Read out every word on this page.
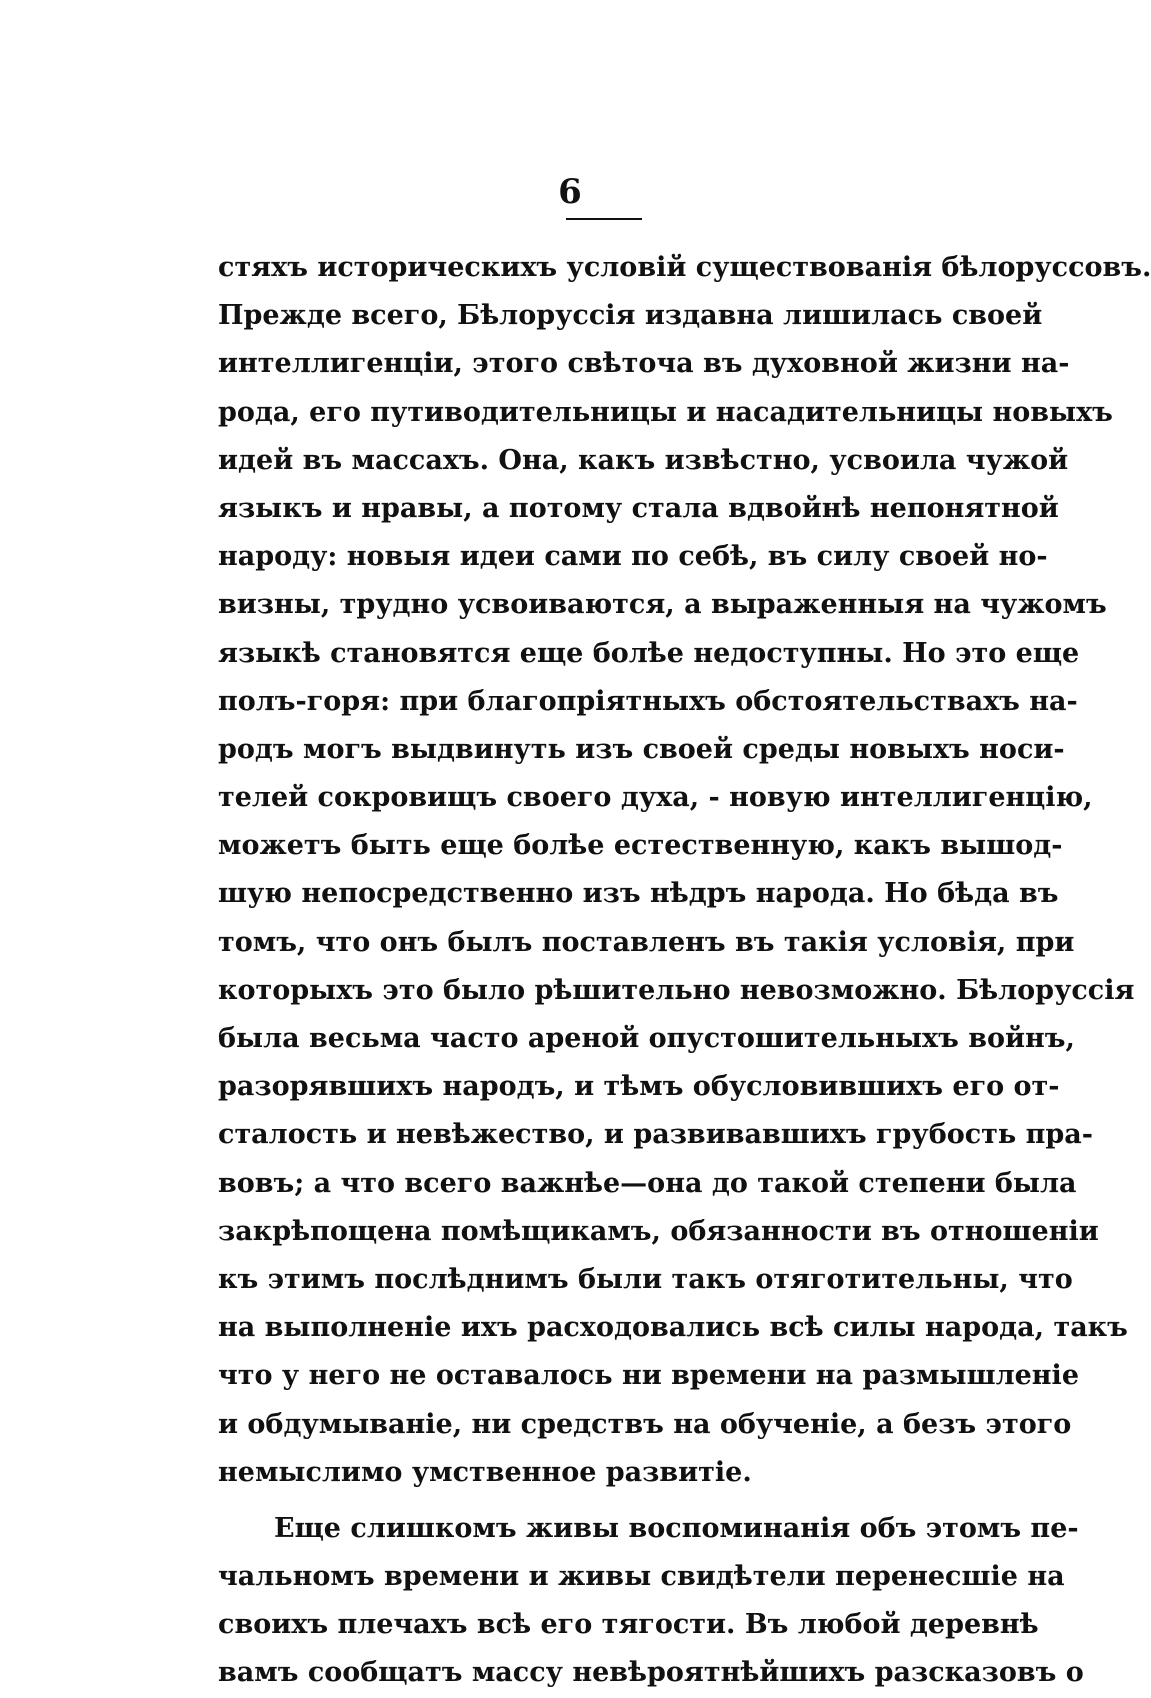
6
стяхъ историческихъ условій существованія бѣлоруссовъ.
Прежде всего, Бѣлоруссія издавна лишилась своей
интеллигенціи, этого свѣточа въ духовной жизни на-
рода, его путиводительницы и насадительницы новыхъ
идей въ массахъ. Она, какъ извѣстно, усвоила чужой
языкъ и нравы, а потому стала вдвойнѣ непонятной
народу: новыя идеи сами по себѣ, въ силу своей но-
визны, трудно усвоиваются, а выраженныя на чужомъ
языкѣ становятся еще болѣе недоступны. Но это еще
полъ-горя: при благопріятныхъ обстоятельствахъ на-
родъ могъ выдвинуть изъ своей среды новыхъ носи-
телей сокровищъ своего духа, - новую интеллигенцію,
можетъ быть еще болѣе естественную, какъ вышод-
шую непосредственно изъ нѣдръ народа. Но бѣда въ
томъ, что онъ былъ поставленъ въ такія условія, при
которыхъ это было рѣшительно невозможно. Бѣлоруссія
была весьма часто ареной опустошительныхъ войнъ,
разорявшихъ народъ, и тѣмъ обусловившихъ его от-
сталость и невѣжество, и развивавшихъ грубость пра-
вовъ; а что всего важнѣе—она до такой степени была
закрѣпощена помѣщикамъ, обязанности въ отношеніи
къ этимъ послѣднимъ были такъ отяготительны, что
на выполненіе ихъ расходовались всѣ силы народа, такъ
что у него не оставалось ни времени на размышленіе
и обдумываніе, ни средствъ на обученіе, а безъ этого
немыслимо умственное развитіе.
Еще слишкомъ живы воспоминанія объ этомъ пе-
чальномъ времени и живы свидѣтели перенесшіе на
своихъ плечахъ всѣ его тягости. Въ любой деревнѣ
вамъ сообщатъ массу невѣроятнѣйшихъ разсказовъ о
